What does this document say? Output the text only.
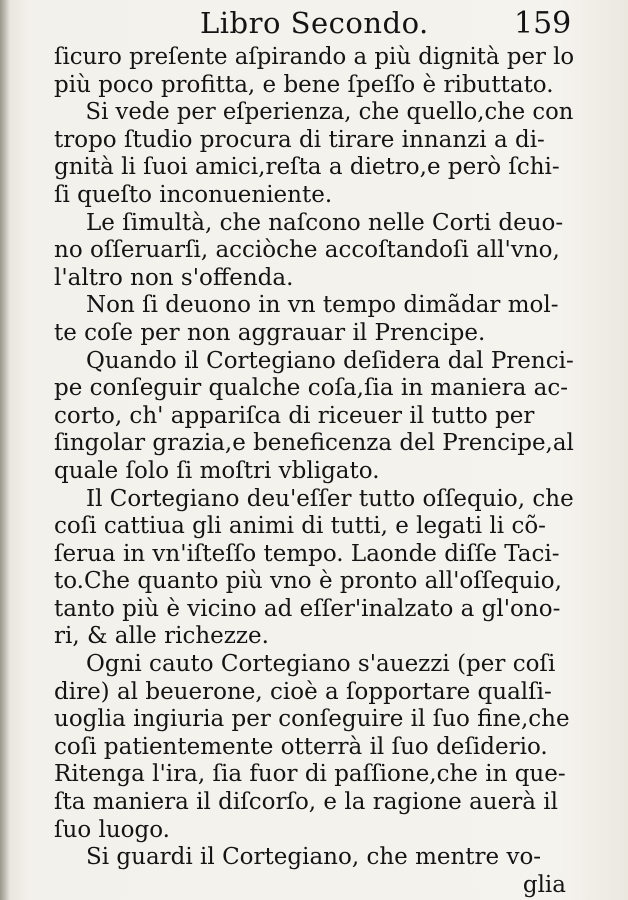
Libro Secondo.	159
ſicuro preſente aſpirando a più dignità per lo
più poco profitta, e bene ſpeſſo è ributtato.
Si vede per eſperienza, che quello,che con
tropo ſtudio procura di tirare innanzi a di-
gnità li ſuoi amici,reſta a dietro,e però ſchi-
ſi queſto inconueniente.
Le ſimultà, che naſcono nelle Corti deuo-
no oſſeruarſi, acciòche accoſtandoſi all'vno,
l'altro non s'offenda.
Non ſi deuono in vn tempo dimãdar mol-
te coſe per non aggrauar il Prencipe.
Quando il Cortegiano deſidera dal Prenci-
pe conſeguir qualche coſa,ſia in maniera ac-
corto, ch' appariſca di riceuer il tutto per
ſingolar grazia,e beneficenza del Prencipe,al
quale ſolo ſi moſtri vbligato.
Il Cortegiano deu'eſſer tutto oſſequio, che
coſi cattiua gli animi di tutti, e legati li cõ-
ſerua in vn'iſteſſo tempo. Laonde diſſe Taci-
to.Che quanto più vno è pronto all'oſſequio,
tanto più è vicino ad eſſer'inalzato a gl'ono-
ri, & alle richezze.
Ogni cauto Cortegiano s'auezzi (per coſi
dire) al beuerone, cioè a ſopportare qualſi-
uoglia ingiuria per conſeguire il ſuo fine,che
coſi patientemente otterrà il ſuo deſiderio.
Ritenga l'ira, ſia fuor di paſſione,che in que-
ſta maniera il diſcorſo, e la ragione auerà il
ſuo luogo.
Si guardi il Cortegiano, che mentre vo-
glia
